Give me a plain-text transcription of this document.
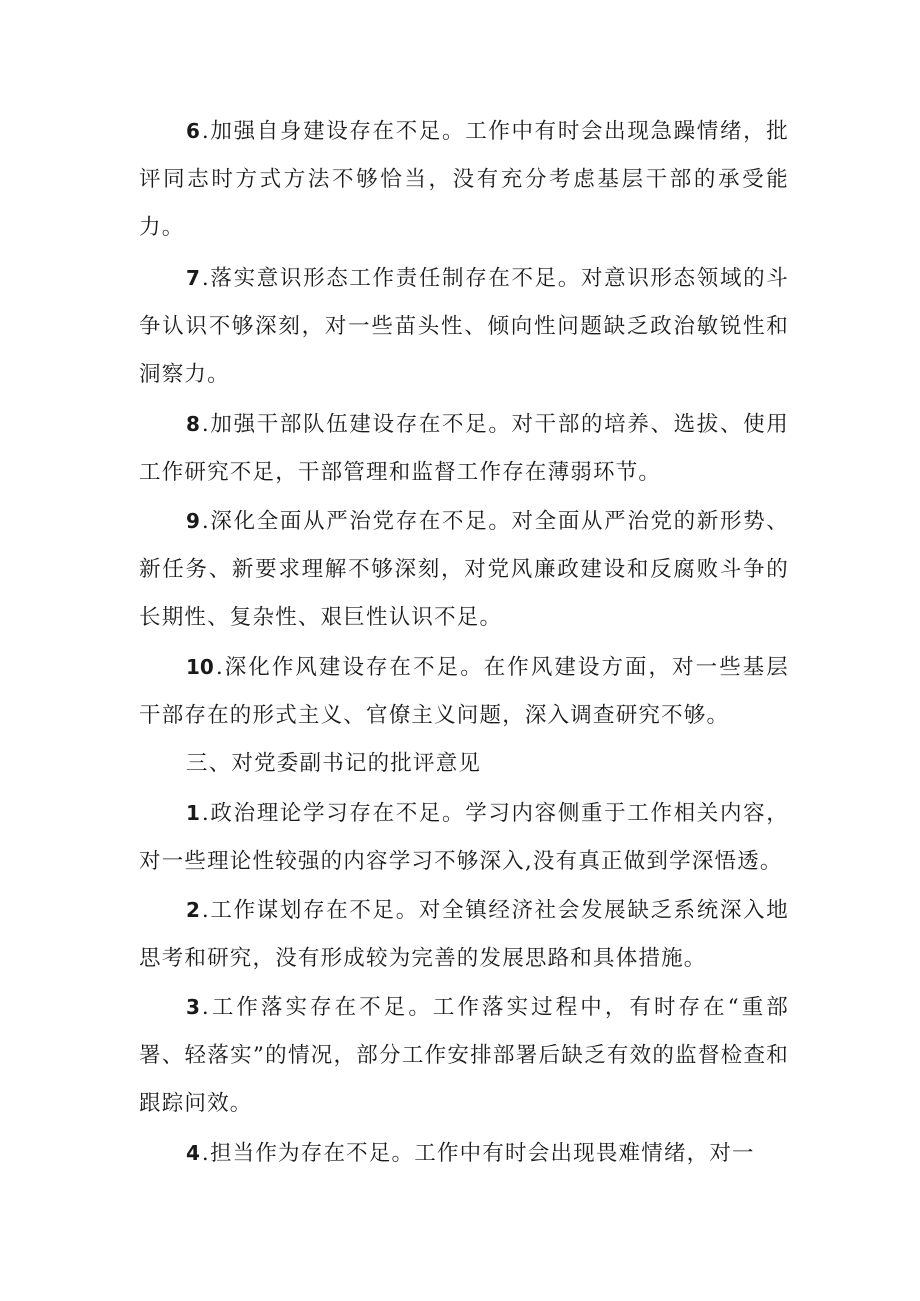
6.加强自身建设存在不足。工作中有时会出现急躁情绪，批评同志时方式方法不够恰当，没有充分考虑基层干部的承受能力。

7.落实意识形态工作责任制存在不足。对意识形态领域的斗争认识不够深刻，对一些苗头性、倾向性问题缺乏政治敏锐性和洞察力。

8.加强干部队伍建设存在不足。对干部的培养、选拔、使用工作研究不足，干部管理和监督工作存在薄弱环节。

9.深化全面从严治党存在不足。对全面从严治党的新形势、新任务、新要求理解不够深刻，对党风廉政建设和反腐败斗争的长期性、复杂性、艰巨性认识不足。

10.深化作风建设存在不足。在作风建设方面，对一些基层干部存在的形式主义、官僚主义问题，深入调查研究不够。

三、对党委副书记的批评意见

1.政治理论学习存在不足。学习内容侧重于工作相关内容，对一些理论性较强的内容学习不够深入,没有真正做到学深悟透。

2.工作谋划存在不足。对全镇经济社会发展缺乏系统深入地思考和研究，没有形成较为完善的发展思路和具体措施。

3.工作落实存在不足。工作落实过程中，有时存在“重部署、轻落实”的情况，部分工作安排部署后缺乏有效的监督检查和跟踪问效。

4.担当作为存在不足。工作中有时会出现畏难情绪，对一
